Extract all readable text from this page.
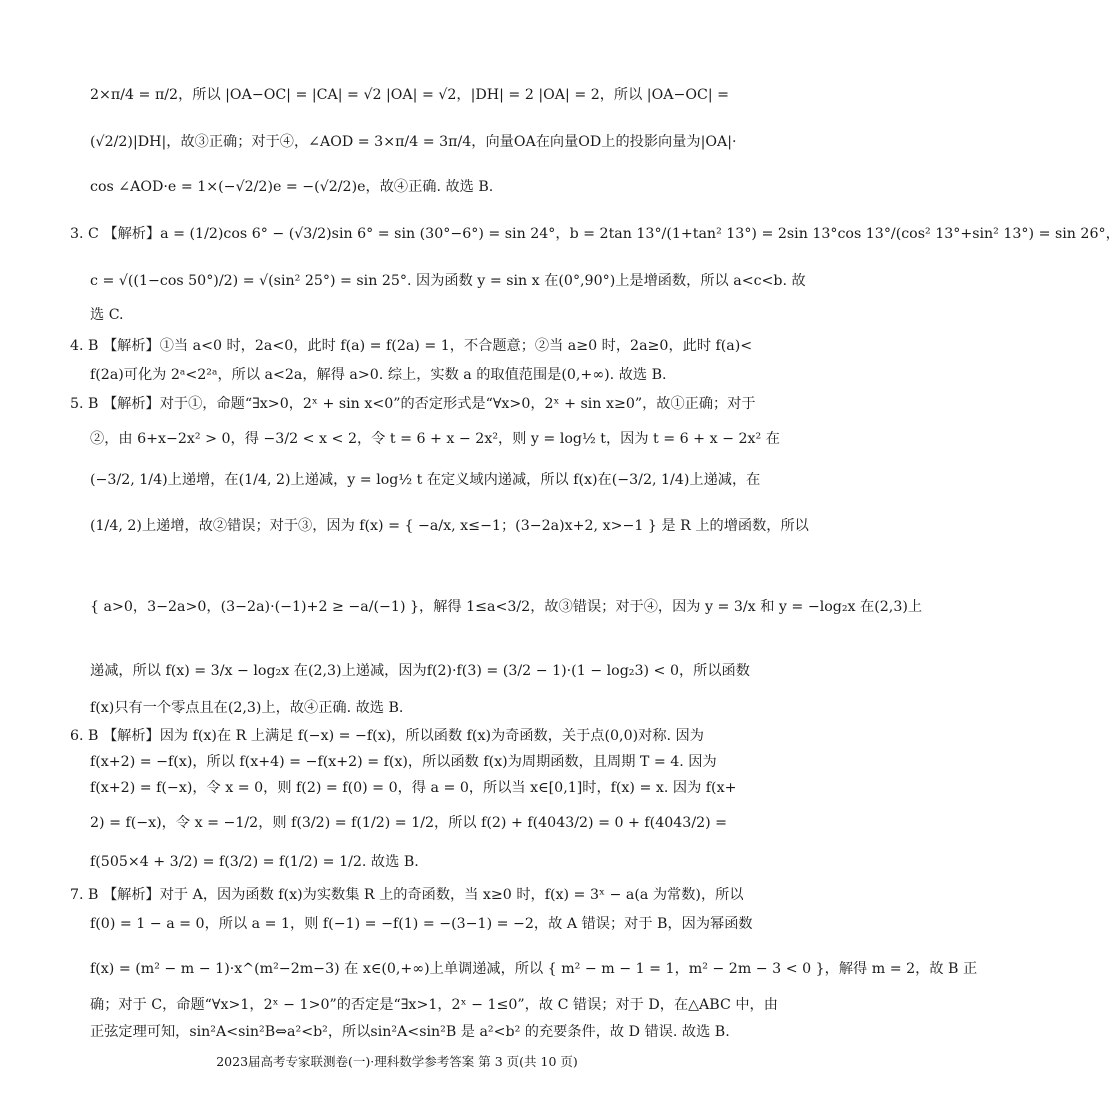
2×π/4 = π/2，所以 |OA−OC| = |CA| = √2 |OA| = √2，|DH| = 2 |OA| = 2，所以 |OA−OC| =
(√2/2)|DH|，故③正确；对于④，∠AOD = 3×π/4 = 3π/4，向量OA在向量OD上的投影向量为|OA|·
cos ∠AOD·e = 1×(−√2/2)e = −(√2/2)e，故④正确. 故选 B.
3. C 【解析】a = (1/2)cos 6° − (√3/2)sin 6° = sin (30°−6°) = sin 24°，b = 2tan 13°/(1+tan² 13°) = 2sin 13°cos 13°/(cos² 13°+sin² 13°) = sin 26°，
c = √((1−cos 50°)/2) = √(sin² 25°) = sin 25°. 因为函数 y = sin x 在(0°,90°)上是增函数，所以 a<c<b. 故
选 C.
4. B 【解析】①当 a<0 时，2a<0，此时 f(a) = f(2a) = 1，不合题意；②当 a≥0 时，2a≥0，此时 f(a)<
f(2a)可化为 2ᵃ<2²ᵃ，所以 a<2a，解得 a>0. 综上，实数 a 的取值范围是(0,+∞). 故选 B.
5. B 【解析】对于①，命题“∃x>0，2ˣ + sin x<0”的否定形式是“∀x>0，2ˣ + sin x≥0”，故①正确；对于
②，由 6+x−2x² > 0，得 −3/2 < x < 2，令 t = 6 + x − 2x²，则 y = log½ t，因为 t = 6 + x − 2x² 在
(−3/2, 1/4)上递增，在(1/4, 2)上递减，y = log½ t 在定义域内递减，所以 f(x)在(−3/2, 1/4)上递减，在
(1/4, 2)上递增，故②错误；对于③，因为 f(x) = { −a/x, x≤−1；(3−2a)x+2, x>−1 } 是 R 上的增函数，所以
{ a>0，3−2a>0，(3−2a)·(−1)+2 ≥ −a/(−1) }，解得 1≤a<3/2，故③错误；对于④，因为 y = 3/x 和 y = −log₂x 在(2,3)上
递减，所以 f(x) = 3/x − log₂x 在(2,3)上递减，因为f(2)·f(3) = (3/2 − 1)·(1 − log₂3) < 0，所以函数
f(x)只有一个零点且在(2,3)上，故④正确. 故选 B.
6. B 【解析】因为 f(x)在 R 上满足 f(−x) = −f(x)，所以函数 f(x)为奇函数，关于点(0,0)对称. 因为
f(x+2) = −f(x)，所以 f(x+4) = −f(x+2) = f(x)，所以函数 f(x)为周期函数，且周期 T = 4. 因为
f(x+2) = f(−x)，令 x = 0，则 f(2) = f(0) = 0，得 a = 0，所以当 x∈[0,1]时，f(x) = x. 因为 f(x+
2) = f(−x)，令 x = −1/2，则 f(3/2) = f(1/2) = 1/2，所以 f(2) + f(4043/2) = 0 + f(4043/2) =
f(505×4 + 3/2) = f(3/2) = f(1/2) = 1/2. 故选 B.
7. B 【解析】对于 A，因为函数 f(x)为实数集 R 上的奇函数，当 x≥0 时，f(x) = 3ˣ − a(a 为常数)，所以
f(0) = 1 − a = 0，所以 a = 1，则 f(−1) = −f(1) = −(3−1) = −2，故 A 错误；对于 B，因为幂函数
f(x) = (m² − m − 1)·x^(m²−2m−3) 在 x∈(0,+∞)上单调递减，所以 { m² − m − 1 = 1，m² − 2m − 3 < 0 }，解得 m = 2，故 B 正
确；对于 C，命题“∀x>1，2ˣ − 1>0”的否定是“∃x>1，2ˣ − 1≤0”，故 C 错误；对于 D，在△ABC 中，由
正弦定理可知，sin²A<sin²B⇔a²<b²，所以sin²A<sin²B 是 a²<b² 的充要条件，故 D 错误. 故选 B.
2023届高考专家联测卷(一)·理科数学参考答案 第 3 页(共 10 页)
